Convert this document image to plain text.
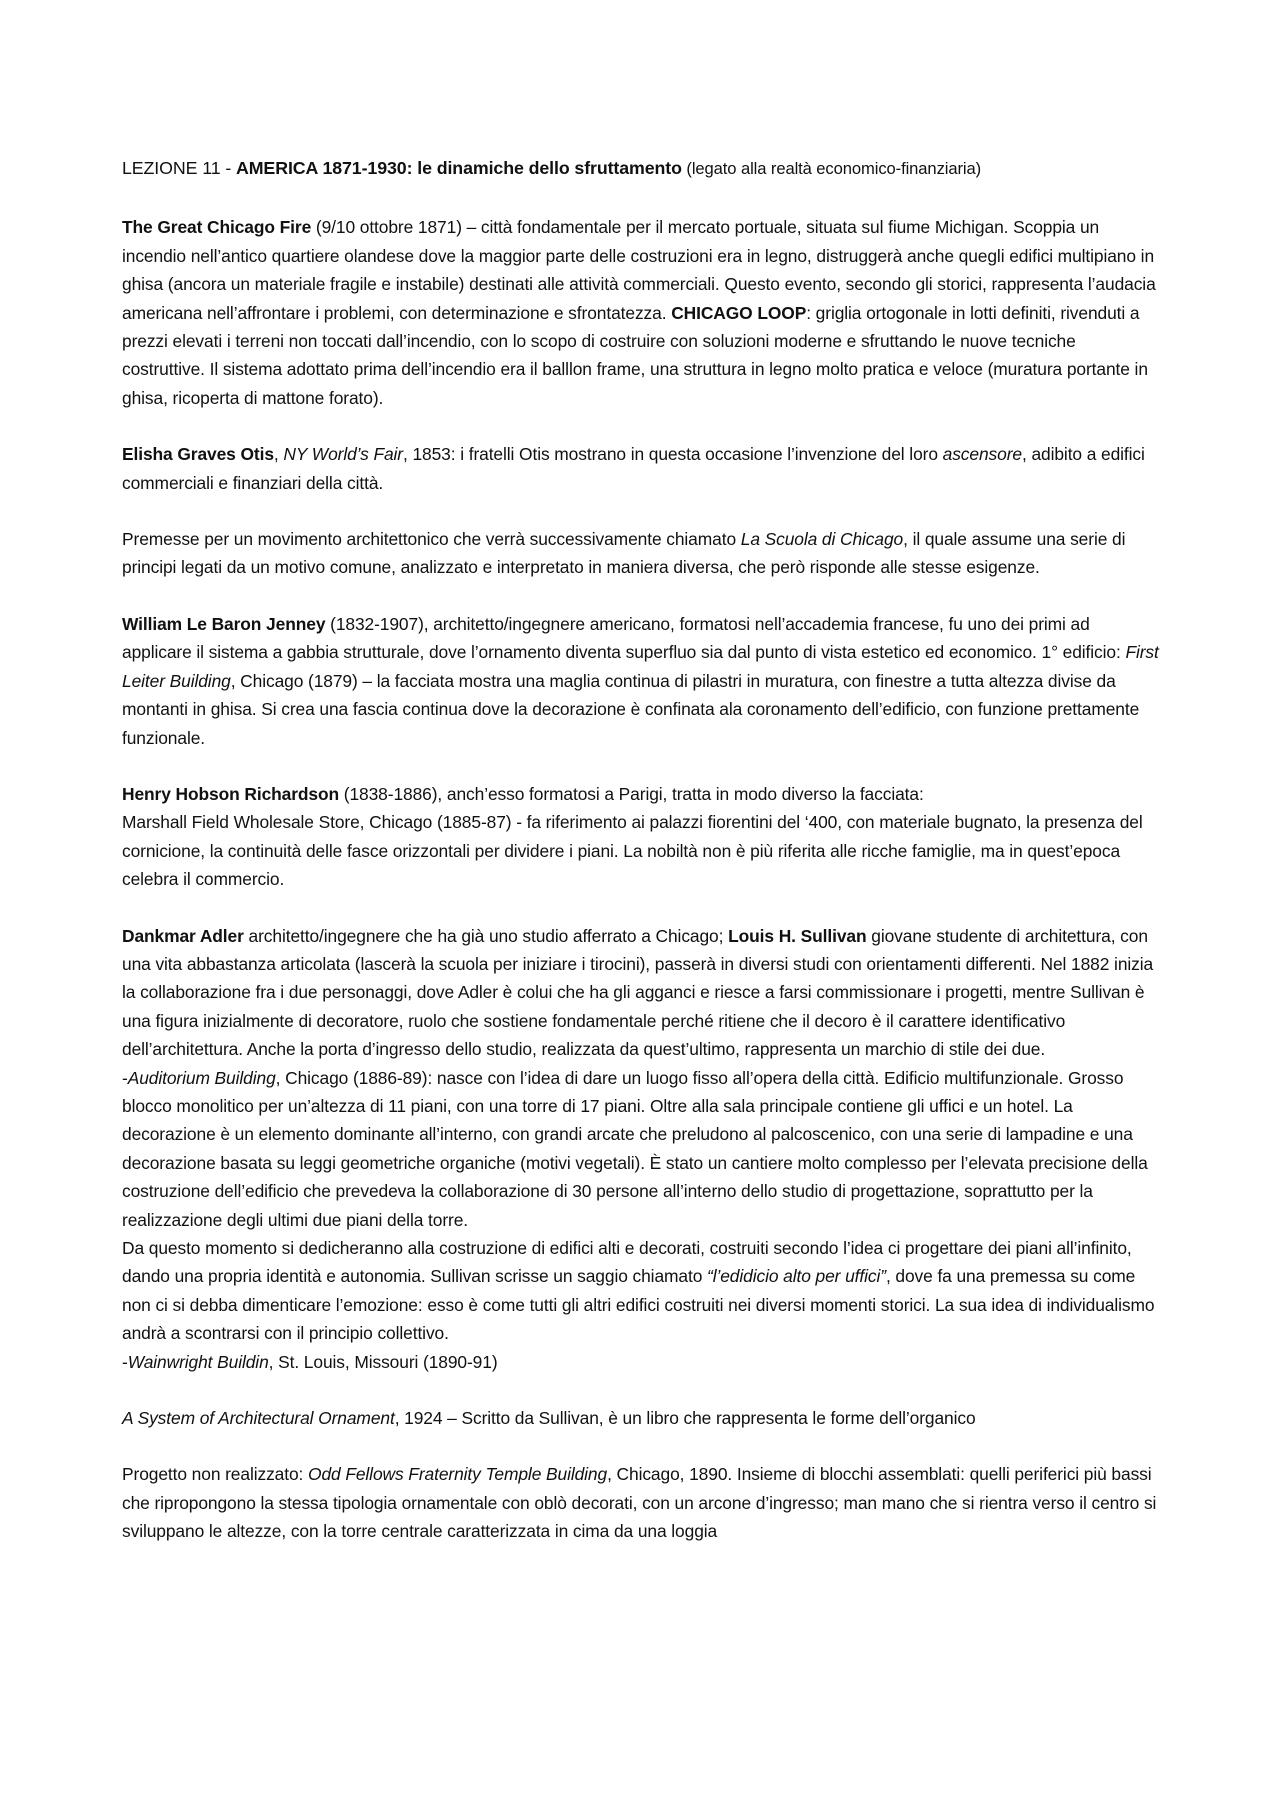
LEZIONE 11 - AMERICA 1871-1930: le dinamiche dello sfruttamento (legato alla realtà economico-finanziaria)

The Great Chicago Fire (9/10 ottobre 1871) – città fondamentale per il mercato portuale, situata sul fiume Michigan. Scoppia un incendio nell’antico quartiere olandese dove la maggior parte delle costruzioni era in legno, distruggerà anche quegli edifici multipiano in ghisa (ancora un materiale fragile e instabile) destinati alle attività commerciali. Questo evento, secondo gli storici, rappresenta l’audacia americana nell’affrontare i problemi, con determinazione e sfrontatezza. CHICAGO LOOP: griglia ortogonale in lotti definiti, rivenduti a prezzi elevati i terreni non toccati dall’incendio, con lo scopo di costruire con soluzioni moderne e sfruttando le nuove tecniche costruttive. Il sistema adottato prima dell’incendio era il balllon frame, una struttura in legno molto pratica e veloce (muratura portante in ghisa, ricoperta di mattone forato).

Elisha Graves Otis, NY World’s Fair, 1853: i fratelli Otis mostrano in questa occasione l’invenzione del loro ascensore, adibito a edifici commerciali e finanziari della città.

Premesse per un movimento architettonico che verrà successivamente chiamato La Scuola di Chicago, il quale assume una serie di principi legati da un motivo comune, analizzato e interpretato in maniera diversa, che però risponde alle stesse esigenze.

William Le Baron Jenney (1832-1907), architetto/ingegnere americano, formatosi nell’accademia francese, fu uno dei primi ad applicare il sistema a gabbia strutturale, dove l’ornamento diventa superfluo sia dal punto di vista estetico ed economico. 1° edificio: First Leiter Building, Chicago (1879) – la facciata mostra una maglia continua di pilastri in muratura, con finestre a tutta altezza divise da montanti in ghisa. Si crea una fascia continua dove la decorazione è confinata ala coronamento dell’edificio, con funzione prettamente funzionale.

Henry Hobson Richardson (1838-1886), anch’esso formatosi a Parigi, tratta in modo diverso la facciata:
Marshall Field Wholesale Store, Chicago (1885-87) - fa riferimento ai palazzi fiorentini del ‘400, con materiale bugnato, la presenza del cornicione, la continuità delle fasce orizzontali per dividere i piani. La nobiltà non è più riferita alle ricche famiglie, ma in quest’epoca celebra il commercio.

Dankmar Adler architetto/ingegnere che ha già uno studio afferrato a Chicago; Louis H. Sullivan giovane studente di architettura, con una vita abbastanza articolata (lascerà la scuola per iniziare i tirocini), passerà in diversi studi con orientamenti differenti. Nel 1882 inizia la collaborazione fra i due personaggi, dove Adler è colui che ha gli agganci e riesce a farsi commissionare i progetti, mentre Sullivan è una figura inizialmente di decoratore, ruolo che sostiene fondamentale perché ritiene che il decoro è il carattere identificativo dell’architettura. Anche la porta d’ingresso dello studio, realizzata da quest’ultimo, rappresenta un marchio di stile dei due.
-Auditorium Building, Chicago (1886-89): nasce con l’idea di dare un luogo fisso all’opera della città. Edificio multifunzionale. Grosso blocco monolitico per un’altezza di 11 piani, con una torre di 17 piani. Oltre alla sala principale contiene gli uffici e un hotel. La decorazione è un elemento dominante all’interno, con grandi arcate che preludono al palcoscenico, con una serie di lampadine e una decorazione basata su leggi geometriche organiche (motivi vegetali). È stato un cantiere molto complesso per l’elevata precisione della costruzione dell’edificio che prevedeva la collaborazione di 30 persone all’interno dello studio di progettazione, soprattutto per la realizzazione degli ultimi due piani della torre.
Da questo momento si dedicheranno alla costruzione di edifici alti e decorati, costruiti secondo l’idea ci progettare dei piani all’infinito, dando una propria identità e autonomia. Sullivan scrisse un saggio chiamato “l’edidicio alto per uffici”, dove fa una premessa su come non ci si debba dimenticare l’emozione: esso è come tutti gli altri edifici costruiti nei diversi momenti storici. La sua idea di individualismo andrà a scontrarsi con il principio collettivo.
-Wainwright Buildin, St. Louis, Missouri (1890-91)

A System of Architectural Ornament, 1924 – Scritto da Sullivan, è un libro che rappresenta le forme dell’organico

Progetto non realizzato: Odd Fellows Fraternity Temple Building, Chicago, 1890. Insieme di blocchi assemblati: quelli periferici più bassi che ripropongono la stessa tipologia ornamentale con oblò decorati, con un arcone d’ingresso; man mano che si rientra verso il centro si sviluppano le altezze, con la torre centrale caratterizzata in cima da una loggia
